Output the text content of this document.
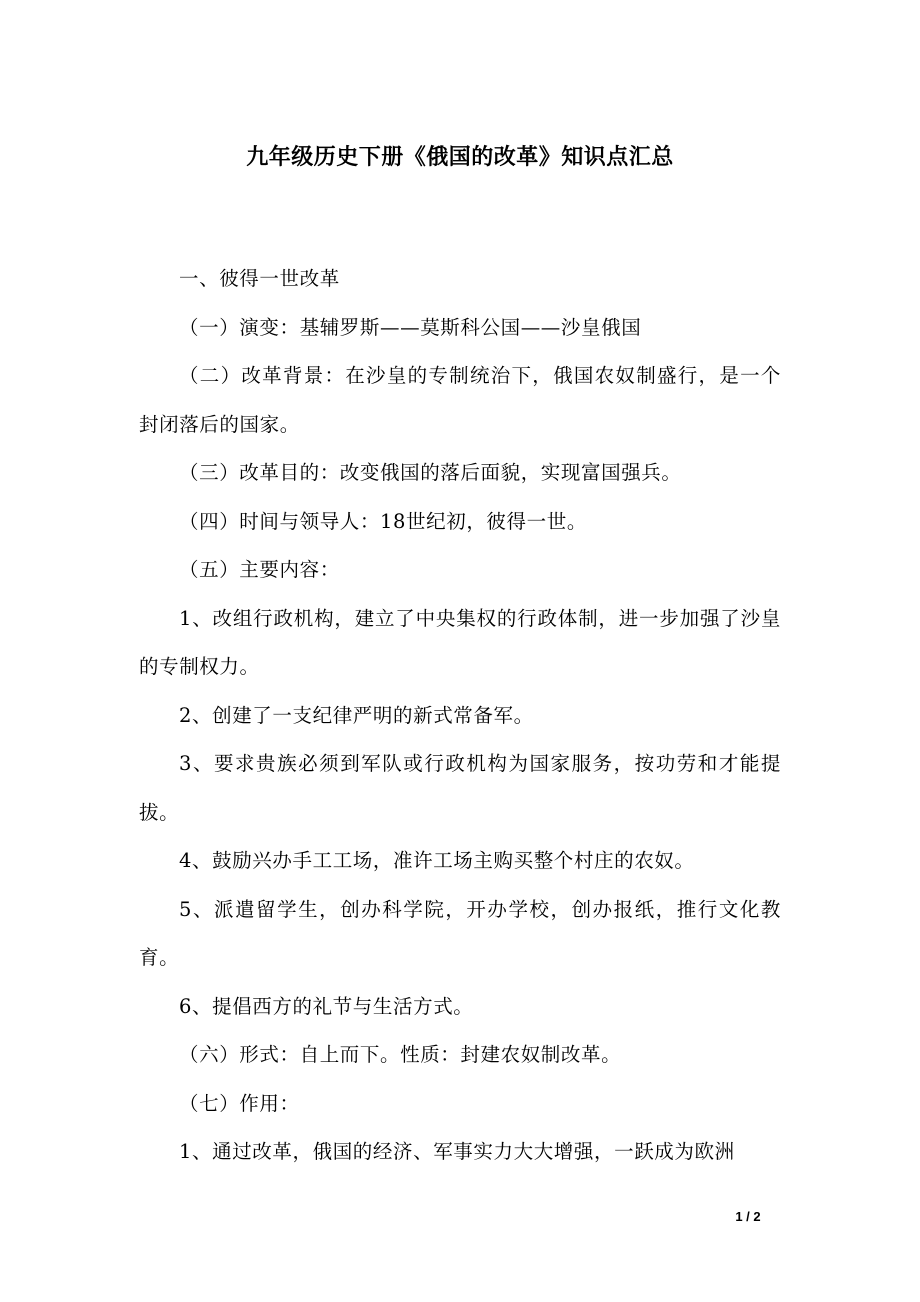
九年级历史下册《俄国的改革》知识点汇总

一、彼得一世改革

（一）演变：基辅罗斯——莫斯科公国——沙皇俄国

（二）改革背景：在沙皇的专制统治下，俄国农奴制盛行，是一个封闭落后的国家。

（三）改革目的：改变俄国的落后面貌，实现富国强兵。

（四）时间与领导人：18世纪初，彼得一世。

（五）主要内容：

1、改组行政机构，建立了中央集权的行政体制，进一步加强了沙皇的专制权力。

2、创建了一支纪律严明的新式常备军。

3、要求贵族必须到军队或行政机构为国家服务，按功劳和才能提拔。

4、鼓励兴办手工工场，准许工场主购买整个村庄的农奴。

5、派遣留学生，创办科学院，开办学校，创办报纸，推行文化教育。

6、提倡西方的礼节与生活方式。

（六）形式：自上而下。性质：封建农奴制改革。

（七）作用：

1、通过改革，俄国的经济、军事实力大大增强，一跃成为欧洲

1 / 2
